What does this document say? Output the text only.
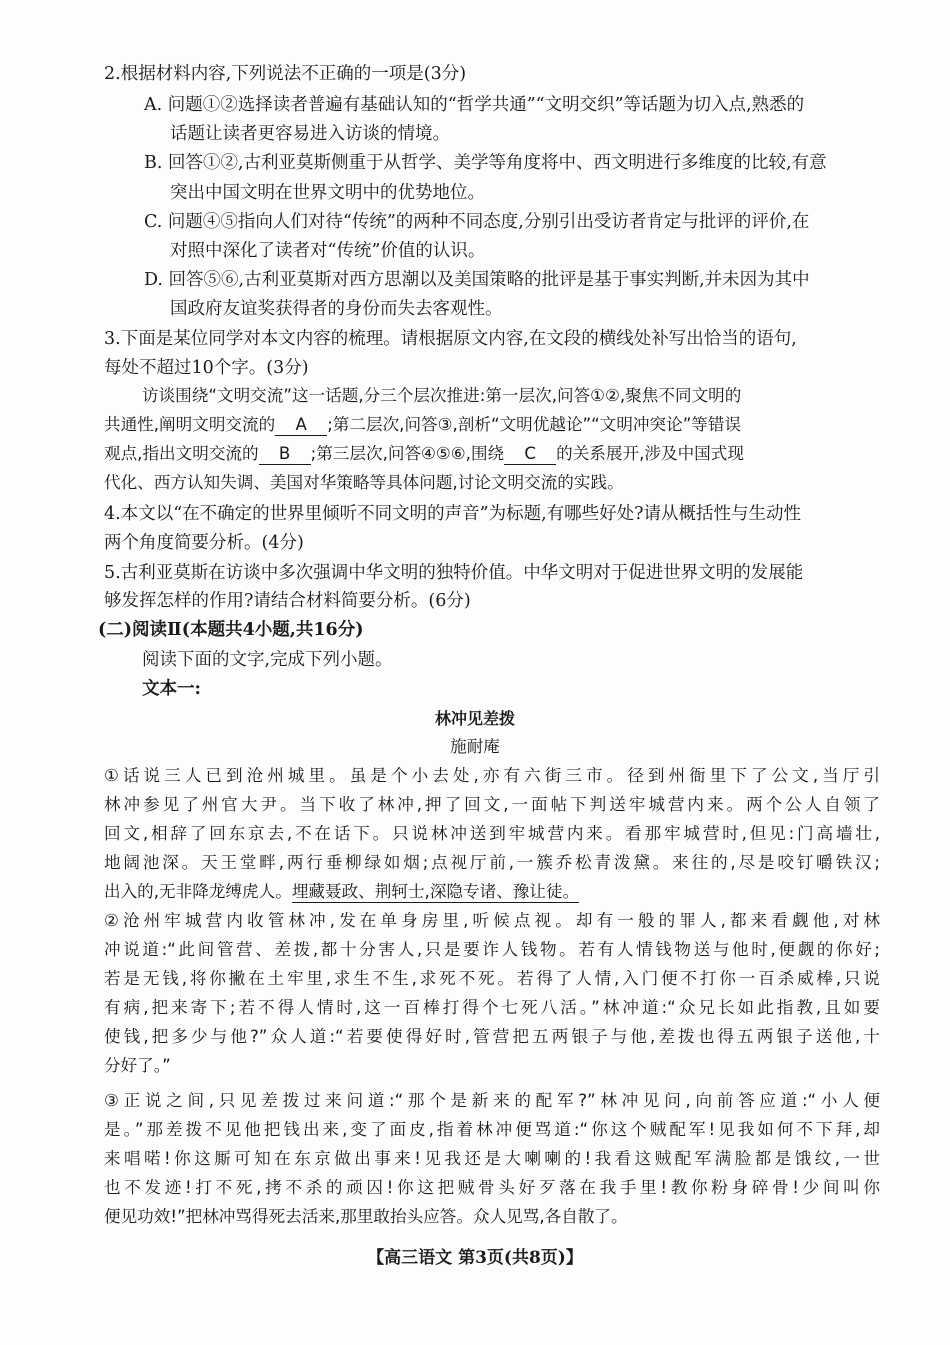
2.根据材料内容,下列说法不正确的一项是(3分)
A. 问题①②选择读者普遍有基础认知的“哲学共通”“文明交织”等话题为切入点,熟悉的
话题让读者更容易进入访谈的情境。
B. 回答①②,古利亚莫斯侧重于从哲学、美学等角度将中、西文明进行多维度的比较,有意
突出中国文明在世界文明中的优势地位。
C. 问题④⑤指向人们对待“传统”的两种不同态度,分别引出受访者肯定与批评的评价,在
对照中深化了读者对“传统”价值的认识。
D. 回答⑤⑥,古利亚莫斯对西方思潮以及美国策略的批评是基于事实判断,并未因为其中
国政府友谊奖获得者的身份而失去客观性。
3.下面是某位同学对本文内容的梳理。请根据原文内容,在文段的横线处补写出恰当的语句,
每处不超过10个字。(3分)
访谈围绕“文明交流”这一话题,分三个层次推进:第一层次,问答①②,聚焦不同文明的
共通性,阐明文明交流的 A ;第二层次,问答③,剖析“文明优越论”“文明冲突论”等错误
观点,指出文明交流的 B ;第三层次,问答④⑤⑥,围绕 C 的关系展开,涉及中国式现
代化、西方认知失调、美国对华策略等具体问题,讨论文明交流的实践。
4.本文以“在不确定的世界里倾听不同文明的声音”为标题,有哪些好处?请从概括性与生动性
两个角度简要分析。(4分)
5.古利亚莫斯在访谈中多次强调中华文明的独特价值。中华文明对于促进世界文明的发展能
够发挥怎样的作用?请结合材料简要分析。(6分)
(二)阅读Ⅱ(本题共4小题,共16分)
阅读下面的文字,完成下列小题。
文本一:
林冲见差拨
施耐庵
①话说三人已到沧州城里。虽是个小去处,亦有六街三市。径到州衙里下了公文,当厅引
林冲参见了州官大尹。当下收了林冲,押了回文,一面帖下判送牢城营内来。两个公人自领了
回文,相辞了回东京去,不在话下。只说林冲送到牢城营内来。看那牢城营时,但见:门高墙壮,
地阔池深。天王堂畔,两行垂柳绿如烟;点视厅前,一簇乔松青泼黛。来往的,尽是咬钉嚼铁汉;
出入的,无非降龙缚虎人。埋藏聂政、荆轲士,深隐专诸、豫让徒。
②沧州牢城营内收管林冲,发在单身房里,听候点视。却有一般的罪人,都来看觑他,对林
冲说道:“此间管营、差拨,都十分害人,只是要诈人钱物。若有人情钱物送与他时,便觑的你好;
若是无钱,将你撇在土牢里,求生不生,求死不死。若得了人情,入门便不打你一百杀威棒,只说
有病,把来寄下;若不得人情时,这一百棒打得个七死八活。”林冲道:“众兄长如此指教,且如要
使钱,把多少与他?”众人道:“若要使得好时,管营把五两银子与他,差拨也得五两银子送他,十
分好了。”
③正说之间,只见差拨过来问道:“那个是新来的配军?”林冲见问,向前答应道:“小人便
是。”那差拨不见他把钱出来,变了面皮,指着林冲便骂道:“你这个贼配军!见我如何不下拜,却
来唱喏!你这厮可知在东京做出事来!见我还是大喇喇的!我看这贼配军满脸都是饿纹,一世
也不发迹!打不死,拷不杀的顽囚!你这把贼骨头好歹落在我手里!教你粉身碎骨!少间叫你
便见功效!”把林冲骂得死去活来,那里敢抬头应答。众人见骂,各自散了。
【高三语文 第3页(共8页)】
